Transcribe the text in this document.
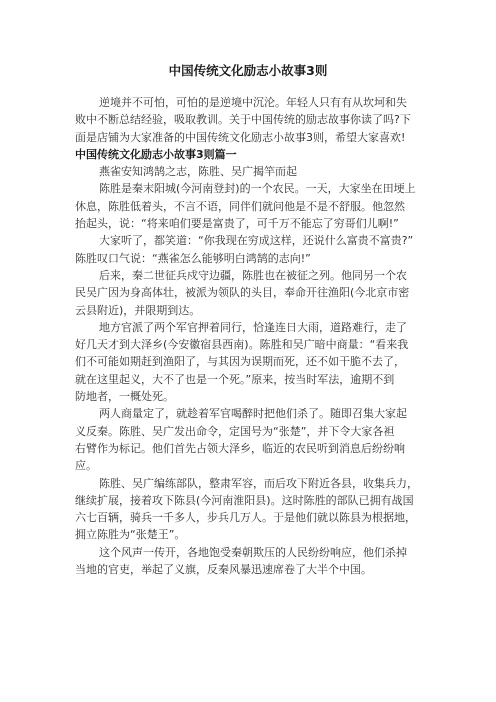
中国传统文化励志小故事3则
逆境并不可怕，可怕的是逆境中沉沦。年轻人只有有从坎坷和失
败中不断总结经验，吸取教训。关于中国传统的励志故事你读了吗?下
面是店铺为大家准备的中国传统文化励志小故事3则，希望大家喜欢!
中国传统文化励志小故事3则篇一
燕雀安知鸿鹄之志，陈胜、吴广揭竿而起
陈胜是秦末阳城(今河南登封)的一个农民。一天，大家坐在田埂上
休息，陈胜低着头，不言不语，同伴们就问他是不是不舒服。他忽然
抬起头，说：“将来咱们要是富贵了，可千万不能忘了穷哥们儿啊!”
大家听了，都笑道：“你我现在穷成这样，还说什么富贵不富贵?”
陈胜叹口气说：“燕雀怎么能够明白鸿鹄的志向!”
后来，秦二世征兵戍守边疆，陈胜也在被征之列。他同另一个农
民吴广因为身高体壮，被派为领队的头目，奉命开往渔阳(今北京市密
云县附近)，并限期到达。
地方官派了两个军官押着同行，恰逢连日大雨，道路难行，走了
好几天才到大泽乡(今安徽宿县西南)。陈胜和吴广暗中商量：“看来我
们不可能如期赶到渔阳了，与其因为误期而死，还不如干脆不去了，
就在这里起义，大不了也是一个死。”原来，按当时军法，逾期不到
防地者，一概处死。
两人商量定了，就趁着军官喝醉时把他们杀了。随即召集大家起
义反秦。陈胜、吴广发出命令，定国号为“张楚”，并下令大家各袒
右臂作为标记。他们首先占领大泽乡，临近的农民听到消息后纷纷响
应。
陈胜、吴广编练部队，整肃军容，而后攻下附近各县，收集兵力，
继续扩展，接着攻下陈县(今河南淮阳县)。这时陈胜的部队已拥有战国
六七百辆，骑兵一千多人，步兵几万人。于是他们就以陈县为根据地，
拥立陈胜为“张楚王”。
这个风声一传开，各地饱受秦朝欺压的人民纷纷响应，他们杀掉
当地的官吏，举起了义旗，反秦风暴迅速席卷了大半个中国。
